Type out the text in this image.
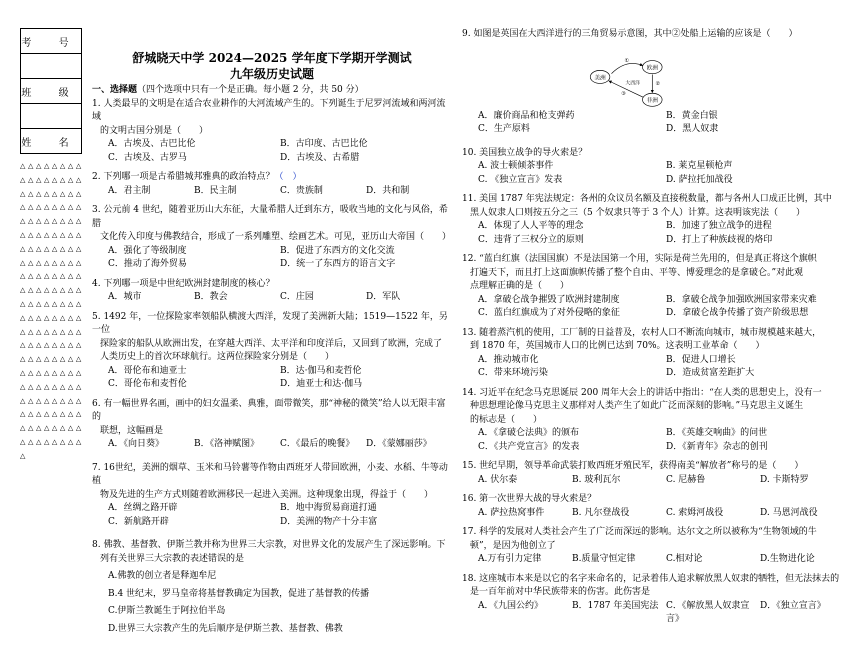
考 号
班 级
姓 名
△△△△△△△△△△△△△△△△△△△△△△△△△△△△△△△△△△△△△△△△△△△△△△△△△△△△△△△△△△△△△△△△△△△△△△△△△△△△△△△△△△△△△△△△△△△△△△△△△△△△△△△△△△△△△△△△△△△△△△△△△△△△△△△△△△△△△△△△△△△△△△△△△△△△△△△△△△△△△△△△△△△△△△△△△
舒城晓天中学 2024—2025 学年度下学期开学测试
九年级历史试题
一、选择题（四个选项中只有一个是正确。每小题 2 分，共 50 分）
1. 人类最早的文明是在适合农业耕作的大河流域产生的。下列诞生于尼罗河流域和两河流域
的文明古国分别是（　　）
A．古埃及、古巴比伦	B．古印度、古巴比伦
C．古埃及、古罗马	D．古埃及、古希腊
2. 下列哪一项是古希腊城邦雅典的政治特点？（　）
A．君主制	B．民主制	C．贵族制	D．共和制
3. 公元前 4 世纪，随着亚历山大东征，大量希腊人迁到东方，吸收当地的文化与风俗，希腊
文化传入印度与佛教结合，形成了一系列雕塑、绘画艺术。可见，亚历山大帝国（　　）
A．强化了等级制度	B．促进了东西方的文化交流
C．推动了海外贸易	D．统一了东西方的语言文字
4. 下列哪一项是中世纪欧洲封建制度的核心？
A．城市	B．教会	C．庄园	D．军队
5. 1492 年，一位探险家率领船队横渡大西洋，发现了美洲新大陆；1519—1522 年，另一位
探险家的船队从欧洲出发，在穿越大西洋、太平洋和印度洋后，又回到了欧洲，完成了
人类历史上的首次环球航行。这两位探险家分别是（　　）
A．哥伦布和迪亚士	B．达·伽马和麦哲伦
C．哥伦布和麦哲伦	D．迪亚士和达·伽马
6. 有一幅世界名画，画中的妇女温柔、典雅，面带微笑，那“神秘的微笑”给人以无限丰富的
联想，这幅画是
A．《向日葵》	B．《洛神赋图》	C．《最后的晚餐》	D．《蒙娜丽莎》
7. 16世纪，美洲的烟草、玉米和马铃薯等作物由西班牙人带回欧洲，小麦、水稻、牛等动植
物及先进的生产方式则随着欧洲移民一起进入美洲。这种现象出现，得益于（　　）
A．丝绸之路开辟	B．地中海贸易商道打通
C．新航路开辟	D．美洲的物产十分丰富
8. 佛教、基督教、伊斯兰教并称为世界三大宗教，对世界文化的发展产生了深远影响。下
列有关世界三大宗教的表述错误的是
A.佛教的创立者是释迦牟尼
B.4 世纪末，罗马皇帝将基督教确定为国教，促进了基督教的传播
C.伊斯兰教诞生于阿拉伯半岛
D.世界三大宗教产生的先后顺序是伊斯兰教、基督教、佛教
9. 如图是英国在大西洋进行的三角贸易示意图，其中②处船上运输的应该是（　　）
A．廉价商品和枪支弹药	B．黄金白银
C．生产原料	D．黑人奴隶
10. 美国独立战争的导火索是？
A. 波士顿倾茶事件	B. 莱克星顿枪声
C. 《独立宣言》发表	D. 萨拉托加战役
11. 美国 1787 年宪法规定：各州的众议员名额及直接税数量，都与各州人口成正比例，其中
黑人奴隶人口则按五分之三（5 个奴隶只等于 3 个人）计算。这表明该宪法（　　）
A．体现了人人平等的理念	B．加速了独立战争的进程
C．违背了三权分立的原则	D．打上了种族歧视的烙印
12. “蓝白红旗（法国国旗）不是法国第一个用，实际是荷兰先用的，但是真正将这个旗帜
打遍天下，而且打上这面旗帜传播了整个自由、平等、博爱理念的是拿破仑。”对此观
点理解正确的是（　　）
A．拿破仑战争摧毁了欧洲封建制度	B．拿破仑战争加强欧洲国家带来灾难
C．蓝白红旗成为了对外侵略的象征	D．拿破仑战争传播了资产阶级思想
13. 随着蒸汽机的使用，工厂制的日益普及，农村人口不断流向城市，城市规模越来越大，
到 1870 年，英国城市人口的比例已达到 70%。这表明工业革命（　　）
A．推动城市化	B．促进人口增长
C．带来环境污染	D．造成贫富差距扩大
14. 习近平在纪念马克思诞辰 200 周年大会上的讲话中指出：“在人类的思想史上，没有一
种思想理论像马克思主义那样对人类产生了如此广泛而深刻的影响。”马克思主义诞生
的标志是（　　）
A．《拿破仑法典》的颁布	B．《英雄交响曲》的问世
C．《共产党宣言》的发表	D．《新青年》杂志的创刊
15. 世纪早期，领导革命武装打败西班牙殖民军，获得南美“解放者”称号的是（　　）
A. 伏尔泰	B. 玻利瓦尔	C. 尼赫鲁	D. 卡斯特罗
16. 第一次世界大战的导火索是？
A. 萨拉热窝事件	B. 凡尔登战役	C. 索姆河战役	D. 马恩河战役
17. 科学的发展对人类社会产生了广泛而深远的影响。达尔文之所以被称为“生物领域的牛
顿”，是因为他创立了
A.万有引力定律	B.质量守恒定律	C.相对论	D.生物进化论
18. 这座城市本来是以它的名字来命名的，记录着伟人追求解放黑人奴隶的牺牲，但无法抹去的
是一百年前对中华民族带来的伤害。此伤害是
A．《九国公约》	B．1787 年美国宪法 C．《解放黑人奴隶宣言》
D．《独立宣言》
美洲
欧洲
非洲
大西洋
①
②
③
